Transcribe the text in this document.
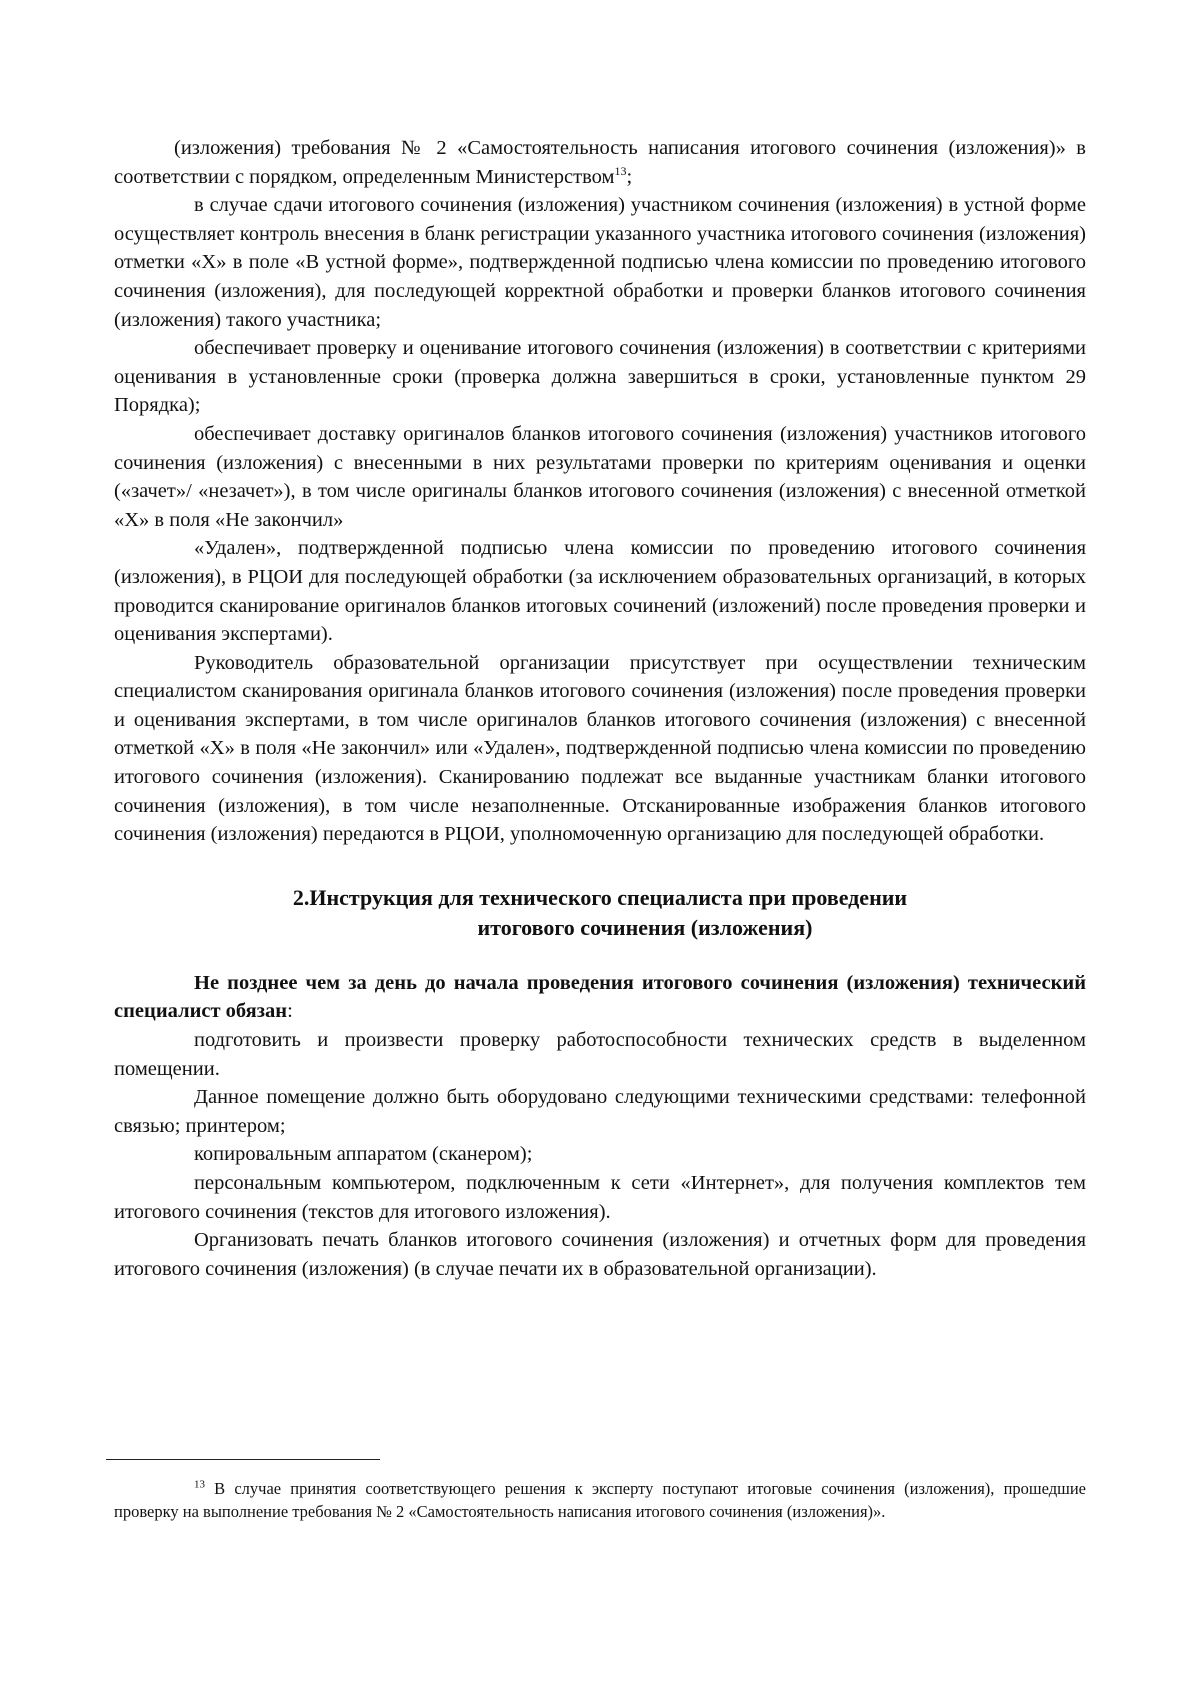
(изложения) требования № 2 «Самостоятельность написания итогового сочинения (изложения)» в соответствии с порядком, определенным Министерством$^{13}$;

в случае сдачи итогового сочинения (изложения) участником сочинения (изложения) в устной форме осуществляет контроль внесения в бланк регистрации указанного участника итогового сочинения (изложения) отметки «Х» в поле «В устной форме», подтвержденной подписью члена комиссии по проведению итогового сочинения (изложения), для последующей корректной обработки и проверки бланков итогового сочинения (изложения) такого участника;

обеспечивает проверку и оценивание итогового сочинения (изложения) в соответствии с критериями оценивания в установленные сроки (проверка должна завершиться в сроки, установленные пунктом 29 Порядка);

обеспечивает доставку оригиналов бланков итогового сочинения (изложения) участников итогового сочинения (изложения) с внесенными в них результатами проверки по критериям оценивания и оценки («зачет»/ «незачет»), в том числе оригиналы бланков итогового сочинения (изложения) с внесенной отметкой «Х» в поля «Не закончил»

«Удален», подтвержденной подписью члена комиссии по проведению итогового сочинения (изложения), в РЦОИ для последующей обработки (за исключением образовательных организаций, в которых проводится сканирование оригиналов бланков итоговых сочинений (изложений) после проведения проверки и оценивания экспертами).

Руководитель образовательной организации присутствует при осуществлении техническим специалистом сканирования оригинала бланков итогового сочинения (изложения) после проведения проверки и оценивания экспертами, в том числе оригиналов бланков итогового сочинения (изложения) с внесенной отметкой «Х» в поля «Не закончил» или «Удален», подтвержденной подписью члена комиссии по проведению итогового сочинения (изложения). Сканированию подлежат все выданные участникам бланки итогового сочинения (изложения), в том числе незаполненные. Отсканированные изображения бланков итогового сочинения (изложения) передаются в РЦОИ, уполномоченную организацию для последующей обработки.

2.Инструкция для технического специалиста при проведении
итогового сочинения (изложения)

Не позднее чем за день до начала проведения итогового сочинения (изложения) технический специалист обязан:

подготовить и произвести проверку работоспособности технических средств в выделенном помещении.

Данное помещение должно быть оборудовано следующими техническими средствами: телефонной связью; принтером;

копировальным аппаратом (сканером);

персональным компьютером, подключенным к сети «Интернет», для получения комплектов тем итогового сочинения (текстов для итогового изложения).

Организовать печать бланков итогового сочинения (изложения) и отчетных форм для проведения итогового сочинения (изложения) (в случае печати их в образовательной организации).

$^{13}$ В случае принятия соответствующего решения к эксперту поступают итоговые сочинения (изложения), прошедшие проверку на выполнение требования № 2 «Самостоятельность написания итогового сочинения (изложения)».
